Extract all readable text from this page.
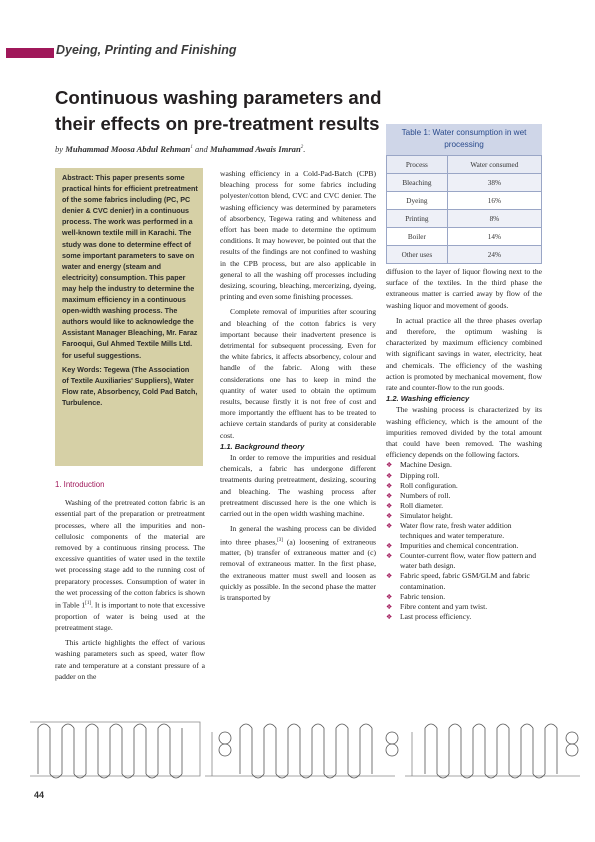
Dyeing, Printing and Finishing
Continuous washing parameters and their effects on pre-treatment results
by Muhammad Moosa Abdul Rehman$^1$ and Muhammad Awais Imran$^2$.
Abstract: This paper presents some practical hints for efficient pretreatment of the some fabrics including (PC, PC denier & CVC denier) in a continuous process. The work was performed in a well-known textile mill in Karachi. The study was done to determine effect of some important parameters to save on water and energy (steam and electricity) consumption. This paper may help the industry to determine the maximum efficiency in a continuous open-width washing process. The authors would like to acknowledge the Assistant Manager Bleaching, Mr. Faraz Farooqui, Gul Ahmed Textile Mills Ltd. for useful suggestions.
Key Words: Tegewa (The Association of Textile Auxiliaries' Suppliers), Water Flow rate, Absorbency, Cold Pad Batch, Turbulence.

1. Introduction

Washing of the pretreated cotton fabric is an essential part of the preparation or pretreatment processes, where all the impurities and non-cellulosic components of the material are removed by a continuous rinsing process. The excessive quantities of water used in the textile wet processing stage add to the running cost of preparatory processes. Consumption of water in the wet processing of the cotton fabrics is shown in Table 1[1]. It is important to note that excessive proportion of water is being used at the pretreatment stage.

This article highlights the effect of various washing parameters such as speed, water flow rate and temperature at a constant pressure of a padder on the

washing efficiency in a Cold-Pad-Batch (CPB) bleaching process for some fabrics including polyester/cotton blend, CVC and CVC denier. The washing efficiency was determined by parameters of absorbency, Tegewa rating and whiteness and effort has been made to determine the optimum conditions. It may however, be pointed out that the results of the findings are not confined to washing in the CPB process, but are also applicable in general to all the washing off processes including desizing, scouring, bleaching, mercerizing, dyeing, printing and even some finishing processes.

Complete removal of impurities after scouring and bleaching of the cotton fabrics is very important because their inadvertent presence is detrimental for subsequent processing. Even for the white fabrics, it affects absorbency, colour and handle of the fabric. Along with these considerations one has to keep in mind the quantity of water used to obtain the optimum results, because firstly it is not free of cost and more importantly the effluent has to be treated to achieve certain standards of purity at considerable cost.

1.1. Background theory

In order to remove the impurities and residual chemicals, a fabric has undergone different treatments during pretreatment, desizing, scouring and bleaching. The washing process after pretreatment discussed here is the one which is carried out in the open width washing machine.

In general the washing process can be divided into three phases,[3] (a) loosening of extraneous matter, (b) transfer of extraneous matter and (c) removal of extraneous matter. In the first phase, the extraneous matter must swell and loosen as quickly as possible. In the second phase the matter is transported by

Table 1: Water consumption in wet processing
Process	Water consumed
Bleaching	38%
Dyeing	16%
Printing	8%
Boiler	14%
Other uses	24%

diffusion to the layer of liquor flowing next to the surface of the textiles. In the third phase the extraneous matter is carried away by flow of the washing liquor and movement of goods.

In actual practice all the three phases overlap and therefore, the optimum washing is characterized by maximum efficiency combined with significant savings in water, electricity, heat and chemicals. The efficiency of the washing action is promoted by mechanical movement, flow rate and counter-flow to the run goods.

1.2. Washing efficiency

The washing process is characterized by its washing efficiency, which is the amount of the impurities removed divided by the total amount that could have been removed. The washing efficiency depends on the following factors.

❖ Machine Design.
❖ Dipping roll.
❖ Roll configuration.
❖ Numbers of roll.
❖ Roll diameter.
❖ Simulator height.
❖ Water flow rate, fresh water addition techniques and water temperature.
❖ Impurities and chemical concentration.
❖ Counter-current flow, water flow pattern and water bath design.
❖ Fabric speed, fabric GSM/GLM and fabric contamination.
❖ Fabric tension.
❖ Fibre content and yarn twist.
❖ Last process efficiency.
44
